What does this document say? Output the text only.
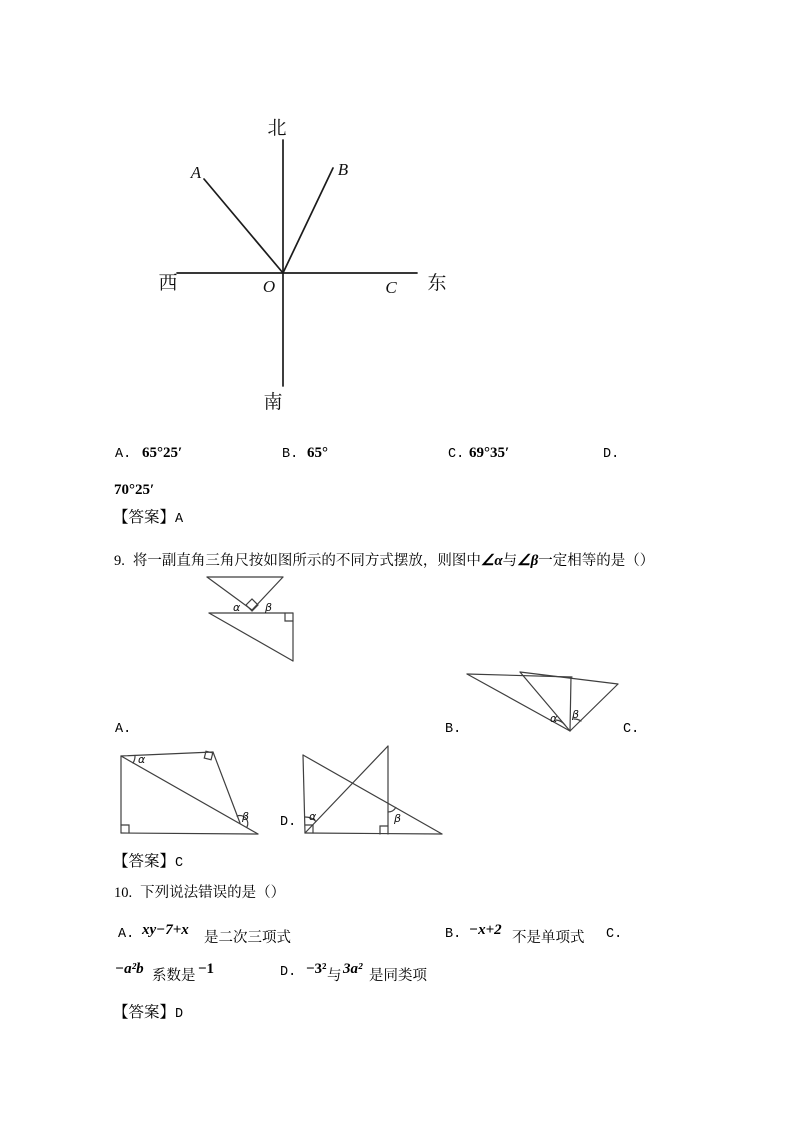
北
南
西	东
O
A	B
C
A. 65°25′	B. 65°	C. 69°35′	D.
70°25′
【答案】A
9. 将一副直角三角尺按如图所示的不同方式摆放，则图中∠α与∠β一定相等的是（）
α β
α β
A.	B.	C.
D.
α
β	α	β
【答案】C
10. 下列说法错误的是（）
A. xy−7+x 是二次三项式	B. −x+2 不是单项式 C.
−a²b 系数是 −1	D. −3² 与 3a² 是同类项
【答案】D
